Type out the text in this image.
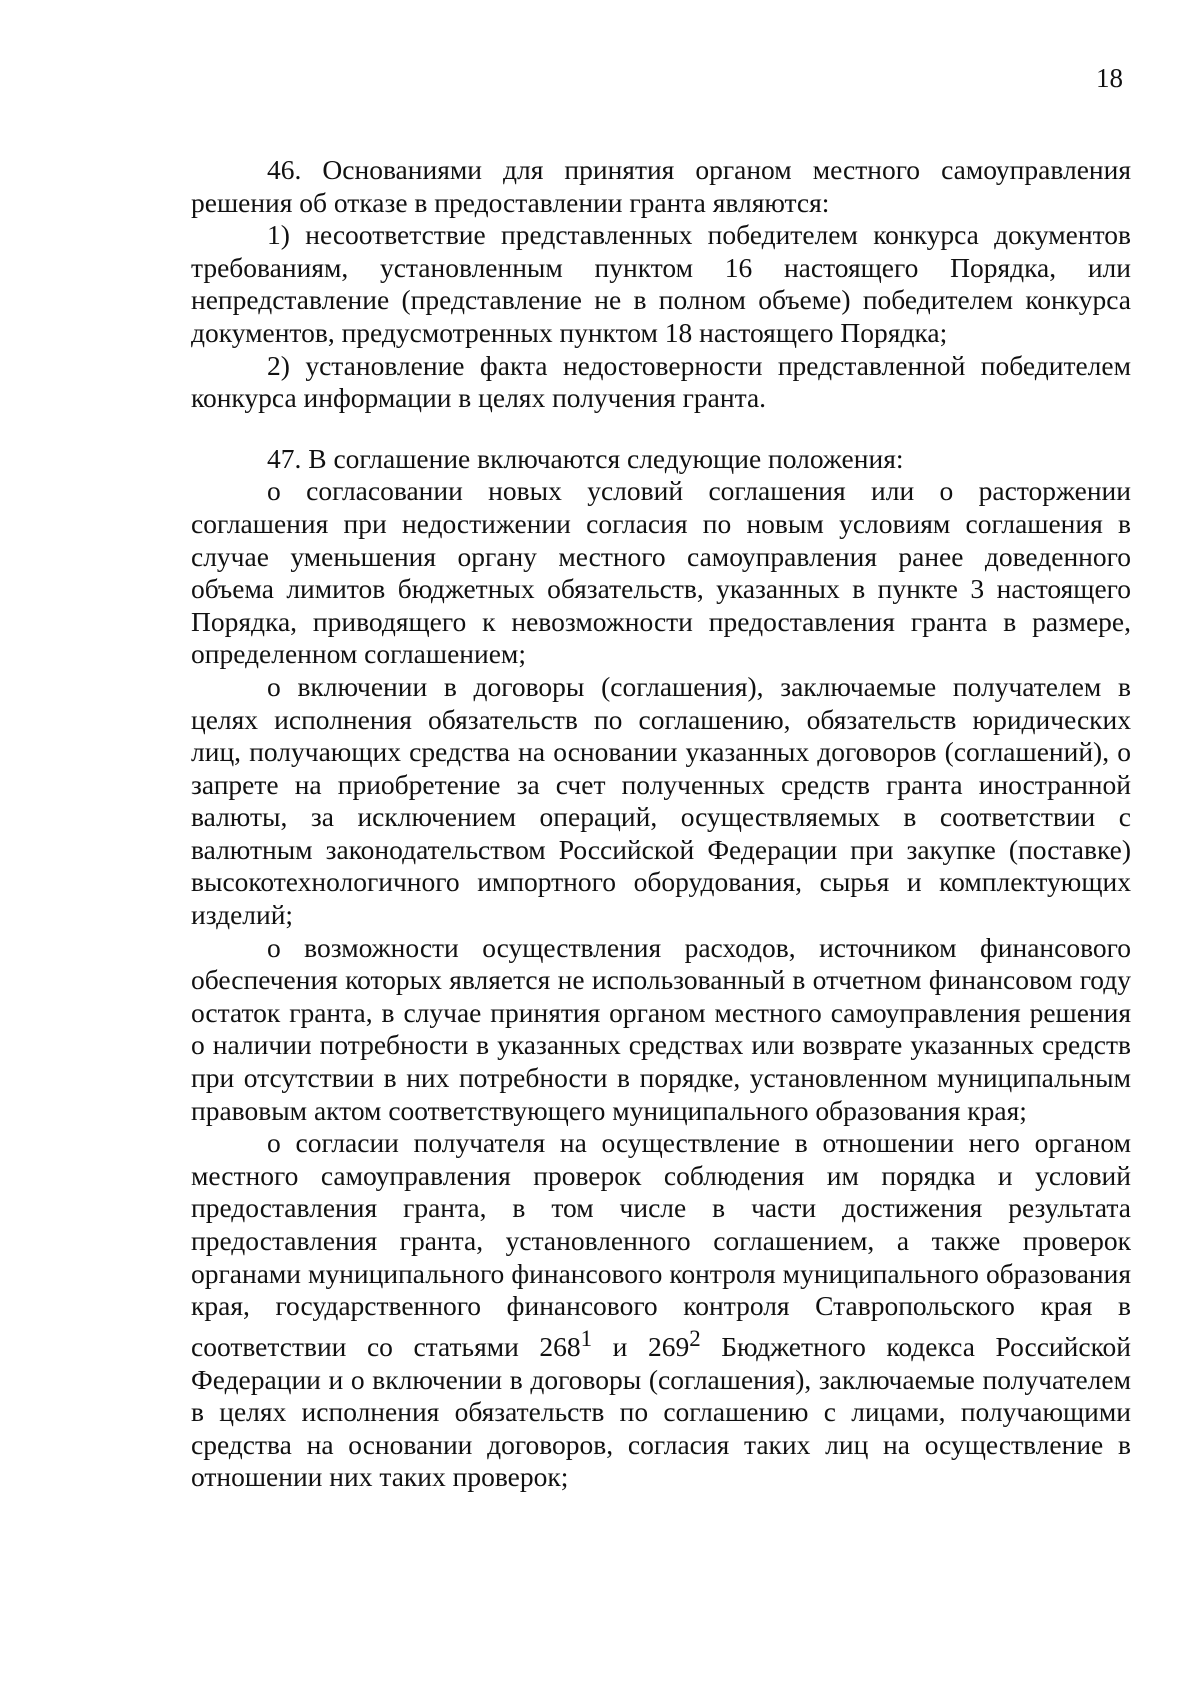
18

46. Основаниями для принятия органом местного самоуправления решения об отказе в предоставлении гранта являются:

1) несоответствие представленных победителем конкурса документов требованиям, установленным пунктом 16 настоящего Порядка, или непредставление (представление не в полном объеме) победителем конкурса документов, предусмотренных пунктом 18 настоящего Порядка;

2) установление факта недостоверности представленной победителем конкурса информации в целях получения гранта.

47. В соглашение включаются следующие положения:

о согласовании новых условий соглашения или о расторжении соглашения при недостижении согласия по новым условиям соглашения в случае уменьшения органу местного самоуправления ранее доведенного объема лимитов бюджетных обязательств, указанных в пункте 3 настоящего Порядка, приводящего к невозможности предоставления гранта в размере, определенном соглашением;

о включении в договоры (соглашения), заключаемые получателем в целях исполнения обязательств по соглашению, обязательств юридических лиц, получающих средства на основании указанных договоров (соглашений), о запрете на приобретение за счет полученных средств гранта иностранной валюты, за исключением операций, осуществляемых в соответствии с валютным законодательством Российской Федерации при закупке (поставке) высокотехнологичного импортного оборудования, сырья и комплектующих изделий;

о возможности осуществления расходов, источником финансового обеспечения которых является не использованный в отчетном финансовом году остаток гранта, в случае принятия органом местного самоуправления решения о наличии потребности в указанных средствах или возврате указанных средств при отсутствии в них потребности в порядке, установленном муниципальным правовым актом соответствующего муниципального образования края;

о согласии получателя на осуществление в отношении него органом местного самоуправления проверок соблюдения им порядка и условий предоставления гранта, в том числе в части достижения результата предоставления гранта, установленного соглашением, а также проверок органами муниципального финансового контроля муниципального образования края, государственного финансового контроля Ставропольского края в соответствии со статьями $268^1$ и $269^2$ Бюджетного кодекса Российской Федерации и о включении в договоры (соглашения), заключаемые получателем в целях исполнения обязательств по соглашению с лицами, получающими средства на основании договоров, согласия таких лиц на осуществление в отношении них таких проверок;
